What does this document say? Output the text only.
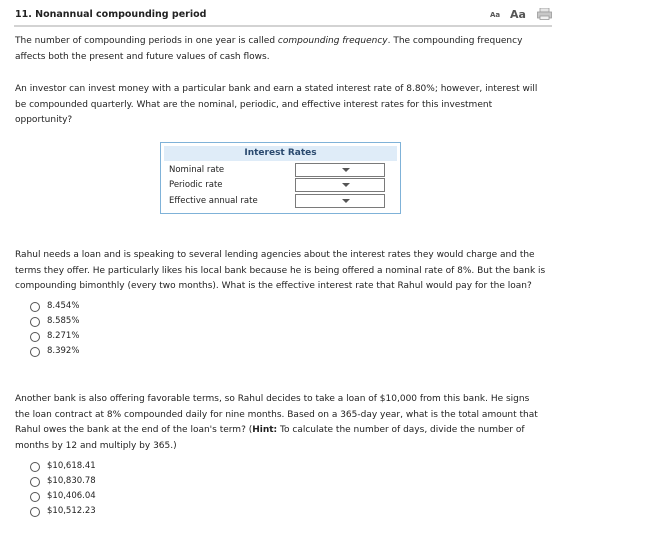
11. Nonannual compounding period	Aa Aa
The number of compounding periods in one year is called compounding frequency. The compounding frequency
affects both the present and future values of cash flows.
An investor can invest money with a particular bank and earn a stated interest rate of 8.80%; however, interest will
be compounded quarterly. What are the nominal, periodic, and effective interest rates for this investment
opportunity?
Interest Rates
Nominal rate
Periodic rate
Effective annual rate
Rahul needs a loan and is speaking to several lending agencies about the interest rates they would charge and the
terms they offer. He particularly likes his local bank because he is being offered a nominal rate of 8%. But the bank is
compounding bimonthly (every two months). What is the effective interest rate that Rahul would pay for the loan?
8.454%
8.585%
8.271%
8.392%
Another bank is also offering favorable terms, so Rahul decides to take a loan of $10,000 from this bank. He signs
the loan contract at 8% compounded daily for nine months. Based on a 365-day year, what is the total amount that
Rahul owes the bank at the end of the loan's term? (Hint: To calculate the number of days, divide the number of
months by 12 and multiply by 365.)
$10,618.41
$10,830.78
$10,406.04
$10,512.23
